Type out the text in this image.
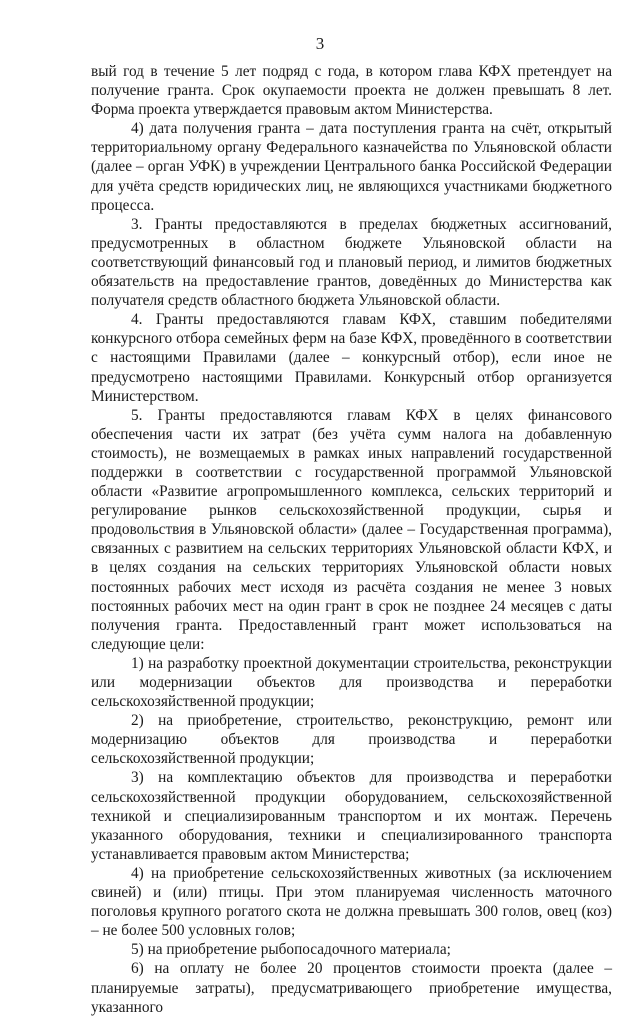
3

вый год в течение 5 лет подряд с года, в котором глава КФХ претендует на получение гранта. Срок окупаемости проекта не должен превышать 8 лет. Форма проекта утверждается правовым актом Министерства.

4) дата получения гранта – дата поступления гранта на счёт, открытый территориальному органу Федерального казначейства по Ульяновской области (далее – орган УФК) в учреждении Центрального банка Российской Федерации для учёта средств юридических лиц, не являющихся участниками бюджетного процесса.

3. Гранты предоставляются в пределах бюджетных ассигнований, предусмотренных в областном бюджете Ульяновской области на соответствующий финансовый год и плановый период, и лимитов бюджетных обязательств на предоставление грантов, доведённых до Министерства как получателя средств областного бюджета Ульяновской области.

4. Гранты предоставляются главам КФХ, ставшим победителями конкурсного отбора семейных ферм на базе КФХ, проведённого в соответствии с настоящими Правилами (далее – конкурсный отбор), если иное не предусмотрено настоящими Правилами. Конкурсный отбор организуется Министерством.

5. Гранты предоставляются главам КФХ в целях финансового обеспечения части их затрат (без учёта сумм налога на добавленную стоимость), не возмещаемых в рамках иных направлений государственной поддержки в соответствии с государственной программой Ульяновской области «Развитие агропромышленного комплекса, сельских территорий и регулирование рынков сельскохозяйственной продукции, сырья и продовольствия в Ульяновской области» (далее – Государственная программа), связанных с развитием на сельских территориях Ульяновской области КФХ, и в целях создания на сельских территориях Ульяновской области новых постоянных рабочих мест исходя из расчёта создания не менее 3 новых постоянных рабочих мест на один грант в срок не позднее 24 месяцев с даты получения гранта. Предоставленный грант может использоваться на следующие цели:

1) на разработку проектной документации строительства, реконструкции или модернизации объектов для производства и переработки сельскохозяйственной продукции;

2) на приобретение, строительство, реконструкцию, ремонт или модернизацию объектов для производства и переработки сельскохозяйственной продукции;

3) на комплектацию объектов для производства и переработки сельскохозяйственной продукции оборудованием, сельскохозяйственной техникой и специализированным транспортом и их монтаж. Перечень указанного оборудования, техники и специализированного транспорта устанавливается правовым актом Министерства;

4) на приобретение сельскохозяйственных животных (за исключением свиней) и (или) птицы. При этом планируемая численность маточного поголовья крупного рогатого скота не должна превышать 300 голов, овец (коз) – не более 500 условных голов;

5) на приобретение рыбопосадочного материала;

6) на оплату не более 20 процентов стоимости проекта (далее – планируемые затраты), предусматривающего приобретение имущества, указанного
